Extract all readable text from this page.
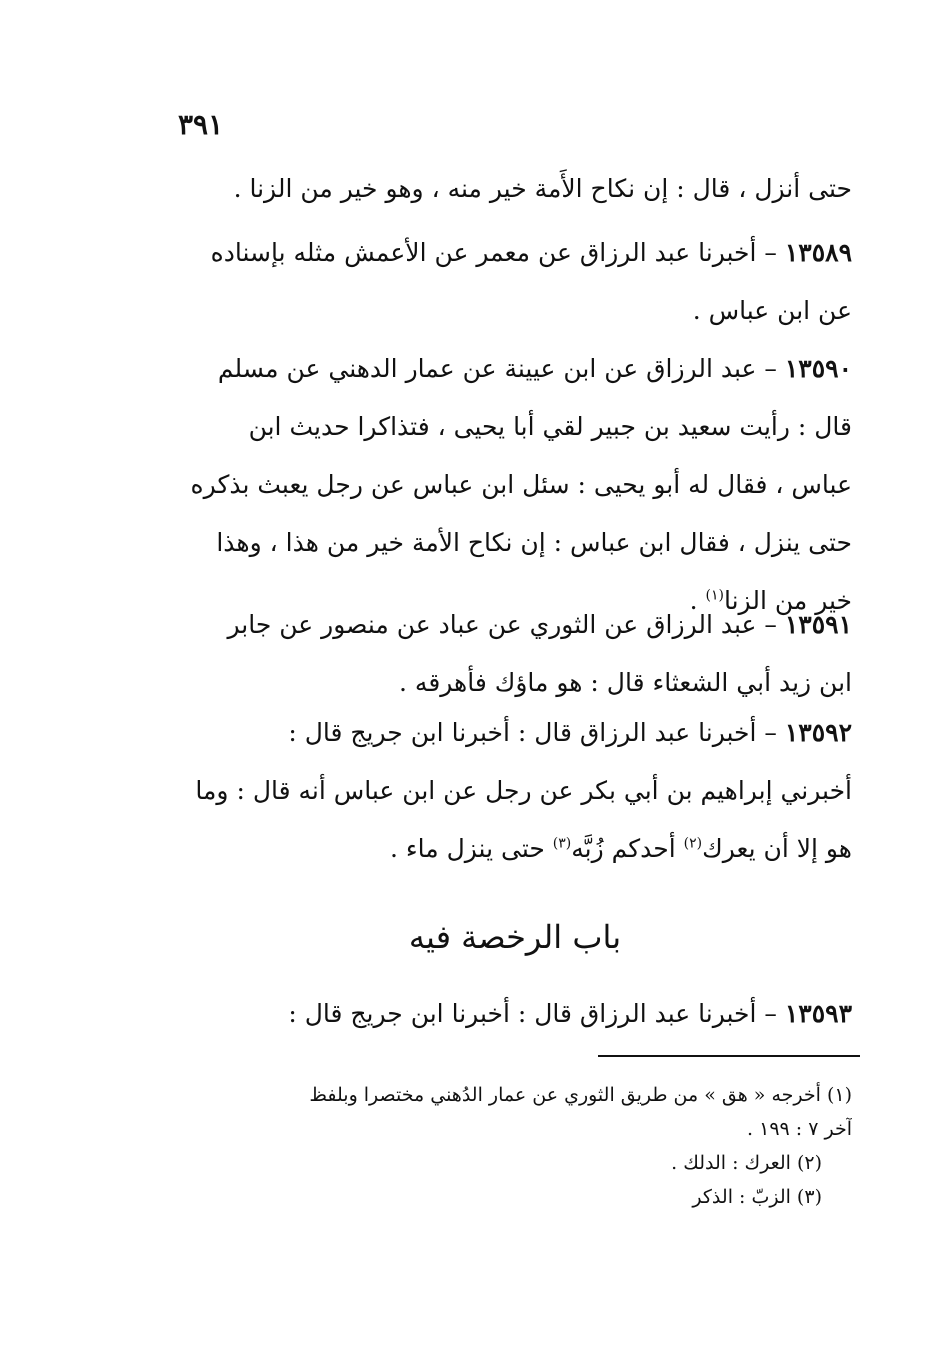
٣٩١
حتى أنزل ، قال : إن نكاح الأَمة خير منه ، وهو خير من الزنا .
١٣٥٨٩ – أخبرنا عبد الرزاق عن معمر عن الأعمش مثله بإسناده
عن ابن عباس .
١٣٥٩٠ – عبد الرزاق عن ابن عيينة عن عمار الدهني عن مسلم
قال : رأيت سعيد بن جبير لقي أبا يحيى ، فتذاكرا حديث ابن
عباس ، فقال له أبو يحيى : سئل ابن عباس عن رجل يعبث بذكره
حتى ينزل ، فقال ابن عباس : إن نكاح الأمة خير من هذا ، وهذا
خير من الزنا$^{(١)}$ .
١٣٥٩١ – عبد الرزاق عن الثوري عن عباد عن منصور عن جابر
ابن زيد أبي الشعثاء قال : هو ماؤك فأهرقه .
١٣٥٩٢ – أخبرنا عبد الرزاق قال : أخبرنا ابن جريج قال :
أخبرني إبراهيم بن أبي بكر عن رجل عن ابن عباس أنه قال : وما
هو إلا أن يعرك$^{(٢)}$ أحدكم زُبَّه$^{(٣)}$ حتى ينزل ماء .
باب الرخصة فيه
١٣٥٩٣ – أخبرنا عبد الرزاق قال : أخبرنا ابن جريج قال :
(١) أخرجه « هق » من طريق الثوري عن عمار الدُهني مختصرا وبلفظ
آخر ٧ : ١٩٩ .
(٢) العرك : الدلك .
(٣) الزبّ : الذكر
